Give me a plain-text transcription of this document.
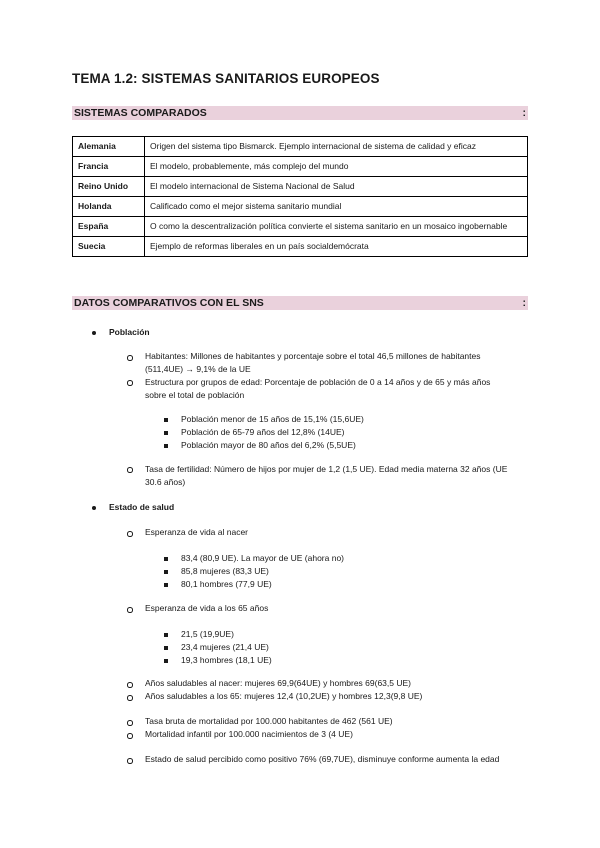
TEMA 1.2: SISTEMAS SANITARIOS EUROPEOS
SISTEMAS COMPARADOS	:
Alemania	Origen del sistema tipo Bismarck. Ejemplo internacional de sistema de calidad y eficaz
Francia	El modelo, probablemente, más complejo del mundo
Reino Unido	El modelo internacional de Sistema Nacional de Salud
Holanda	Calificado como el mejor sistema sanitario mundial
España	O como la descentralización política convierte el sistema sanitario en un mosaico ingobernable
Suecia	Ejemplo de reformas liberales en un país socialdemócrata
DATOS COMPARATIVOS CON EL SNS	:
Población
Habitantes: Millones de habitantes y porcentaje sobre el total 46,5 millones de habitantes
(511,4UE) → 9,1% de la UE
Estructura por grupos de edad: Porcentaje de población de 0 a 14 años y de 65 y más años
sobre el total de población
Población menor de 15 años de 15,1% (15,6UE)
Población de 65-79 años del 12,8% (14UE)
Población mayor de 80 años del 6,2% (5,5UE)
Tasa de fertilidad: Número de hijos por mujer de 1,2 (1,5 UE). Edad media materna 32 años (UE
30.6 años)
Estado de salud
Esperanza de vida al nacer
83,4 (80,9 UE). La mayor de UE (ahora no)
85,8 mujeres (83,3 UE)
80,1 hombres (77,9 UE)
Esperanza de vida a los 65 años
21,5 (19,9UE)
23,4 mujeres (21,4 UE)
19,3 hombres (18,1 UE)
Años saludables al nacer: mujeres 69,9(64UE) y hombres 69(63,5 UE)
Años saludables a los 65: mujeres 12,4 (10,2UE) y hombres 12,3(9,8 UE)
Tasa bruta de mortalidad por 100.000 habitantes de 462 (561 UE)
Mortalidad infantil por 100.000 nacimientos de 3 (4 UE)
Estado de salud percibido como positivo 76% (69,7UE), disminuye conforme aumenta la edad
